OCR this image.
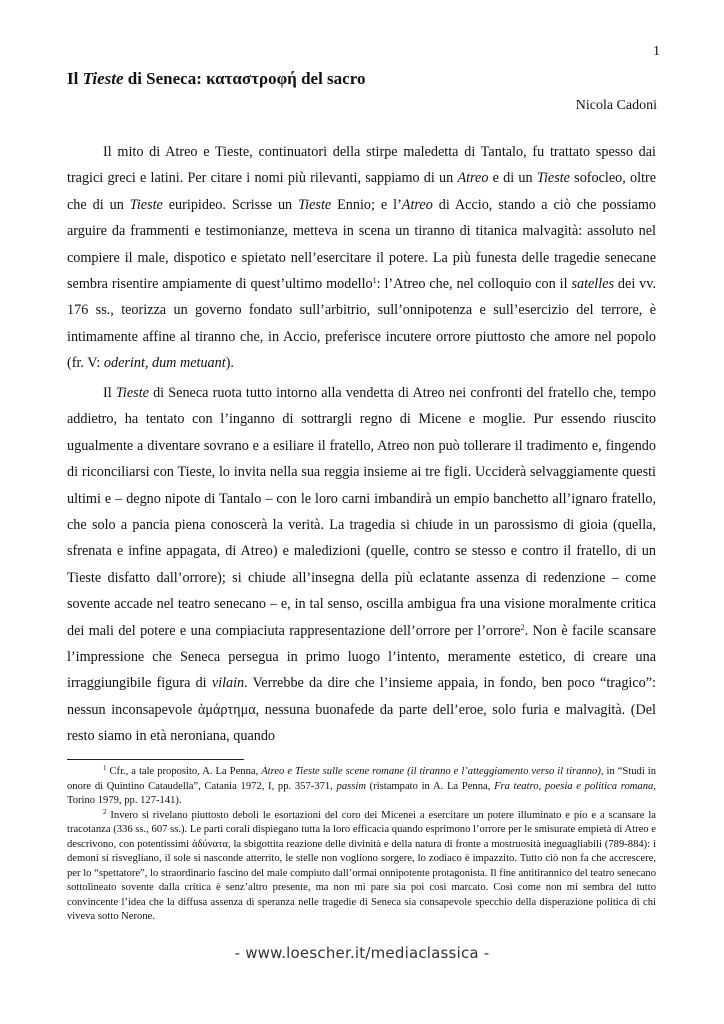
1
Il Tieste di Seneca: καταστροφή del sacro
Nicola Cadoni

Il mito di Atreo e Tieste, continuatori della stirpe maledetta di Tantalo, fu trattato spesso dai tragici greci e latini. Per citare i nomi più rilevanti, sappiamo di un Atreo e di un Tieste sofocleo, oltre che di un Tieste euripideo. Scrisse un Tieste Ennio; e l’Atreo di Accio, stando a ciò che possiamo arguire da frammenti e testimonianze, metteva in scena un tiranno di titanica malvagità: assoluto nel compiere il male, dispotico e spietato nell’esercitare il potere. La più funesta delle tragedie senecane sembra risentire ampiamente di quest’ultimo modello$^1$: l’Atreo che, nel colloquio con il satelles dei vv. 176 ss., teorizza un governo fondato sull’arbitrio, sull’onnipotenza e sull’esercizio del terrore, è intimamente affine al tiranno che, in Accio, preferisce incutere orrore piuttosto che amore nel popolo (fr. V: oderint, dum metuant).

Il Tieste di Seneca ruota tutto intorno alla vendetta di Atreo nei confronti del fratello che, tempo addietro, ha tentato con l’inganno di sottrargli regno di Micene e moglie. Pur essendo riuscito ugualmente a diventare sovrano e a esiliare il fratello, Atreo non può tollerare il tradimento e, fingendo di riconciliarsi con Tieste, lo invita nella sua reggia insieme ai tre figli. Ucciderà selvaggiamente questi ultimi e – degno nipote di Tantalo – con le loro carni imbandirà un empio banchetto all’ignaro fratello, che solo a pancia piena conoscerà la verità. La tragedia si chiude in un parossismo di gioia (quella, sfrenata e infine appagata, di Atreo) e maledizioni (quelle, contro se stesso e contro il fratello, di un Tieste disfatto dall’orrore); si chiude all’insegna della più eclatante assenza di redenzione – come sovente accade nel teatro senecano – e, in tal senso, oscilla ambigua fra una visione moralmente critica dei mali del potere e una compiaciuta rappresentazione dell’orrore per l’orrore$^2$. Non è facile scansare l’impressione che Seneca persegua in primo luogo l’intento, meramente estetico, di creare una irraggiungibile figura di vilain. Verrebbe da dire che l’insieme appaia, in fondo, ben poco “tragico”: nessun inconsapevole ἁμάρτημα, nessuna buonafede da parte dell’eroe, solo furia e malvagità. (Del resto siamo in età neroniana, quando

$^1$ Cfr., a tale proposito, A. La Penna, Atreo e Tieste sulle scene romane (il tiranno e l’atteggiamento verso il tiranno), in “Studi in onore di Quintino Cataudella”, Catania 1972, I, pp. 357-371, passim (ristampato in A. La Penna, Fra teatro, poesia e politica romana, Torino 1979, pp. 127-141).

$^2$ Invero si rivelano piuttosto deboli le esortazioni del coro dei Micenei a esercitare un potere illuminato e pio e a scansare la tracotanza (336 ss., 607 ss.). Le parti corali dispiegano tutta la loro efficacia quando esprimono l’orrore per le smisurate empietà di Atreo e descrivono, con potentissimi ἀδύνατα, la sbigottita reazione delle divinità e della natura di fronte a mostruosità ineguagliabili (789-884): i demoni si risvegliano, il sole si nasconde atterrito, le stelle non vogliono sorgere, lo zodiaco è impazzito. Tutto ciò non fa che accrescere, per lo “spettatore”, lo straordinario fascino del male compiuto dall’ormai onnipotente protagonista. Il fine antitirannico del teatro senecano sottolineato sovente dalla critica è senz’altro presente, ma non mi pare sia poi così marcato. Così come non mi sembra del tutto convincente l’idea che la diffusa assenza di speranza nelle tragedie di Seneca sia consapevole specchio della disperazione politica di chi viveva sotto Nerone.

- www.loescher.it/mediaclassica -
